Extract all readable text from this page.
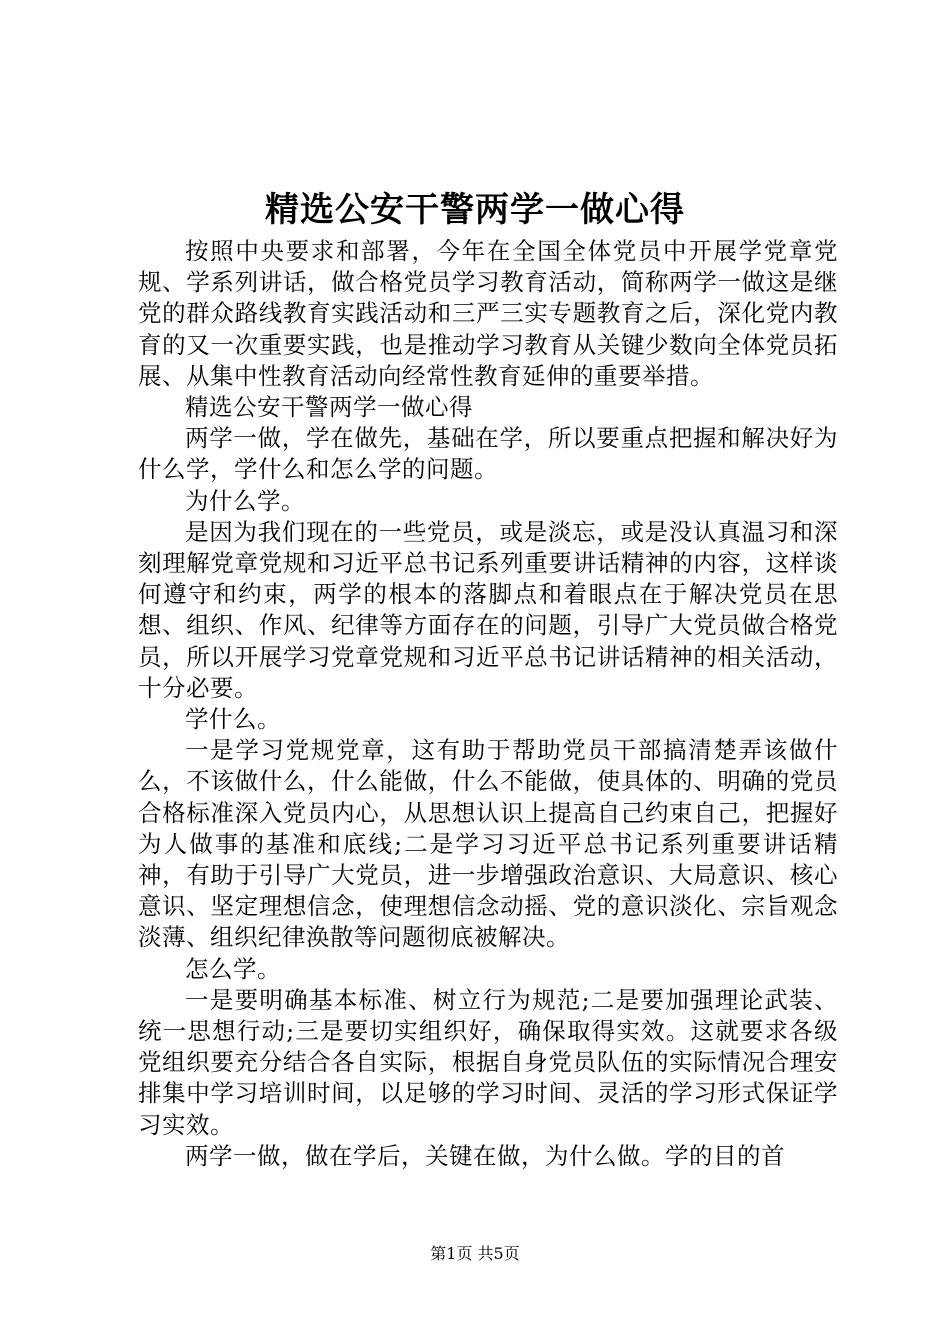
精选公安干警两学一做心得

按照中央要求和部署，今年在全国全体党员中开展学党章党规、学系列讲话，做合格党员学习教育活动，简称两学一做这是继党的群众路线教育实践活动和三严三实专题教育之后，深化党内教育的又一次重要实践，也是推动学习教育从关键少数向全体党员拓展、从集中性教育活动向经常性教育延伸的重要举措。

精选公安干警两学一做心得

两学一做，学在做先，基础在学，所以要重点把握和解决好为什么学，学什么和怎么学的问题。

为什么学。

是因为我们现在的一些党员，或是淡忘，或是没认真温习和深刻理解党章党规和习近平总书记系列重要讲话精神的内容，这样谈何遵守和约束，两学的根本的落脚点和着眼点在于解决党员在思想、组织、作风、纪律等方面存在的问题，引导广大党员做合格党员，所以开展学习党章党规和习近平总书记讲话精神的相关活动，十分必要。

学什么。

一是学习党规党章，这有助于帮助党员干部搞清楚弄该做什么，不该做什么，什么能做，什么不能做，使具体的、明确的党员合格标准深入党员内心，从思想认识上提高自己约束自己，把握好为人做事的基准和底线;二是学习习近平总书记系列重要讲话精神，有助于引导广大党员，进一步增强政治意识、大局意识、核心意识、坚定理想信念，使理想信念动摇、党的意识淡化、宗旨观念淡薄、组织纪律涣散等问题彻底被解决。

怎么学。

一是要明确基本标准、树立行为规范;二是要加强理论武装、统一思想行动;三是要切实组织好，确保取得实效。这就要求各级党组织要充分结合各自实际，根据自身党员队伍的实际情况合理安排集中学习培训时间，以足够的学习时间、灵活的学习形式保证学习实效。

两学一做，做在学后，关键在做，为什么做。学的目的首

第1页 共5页
